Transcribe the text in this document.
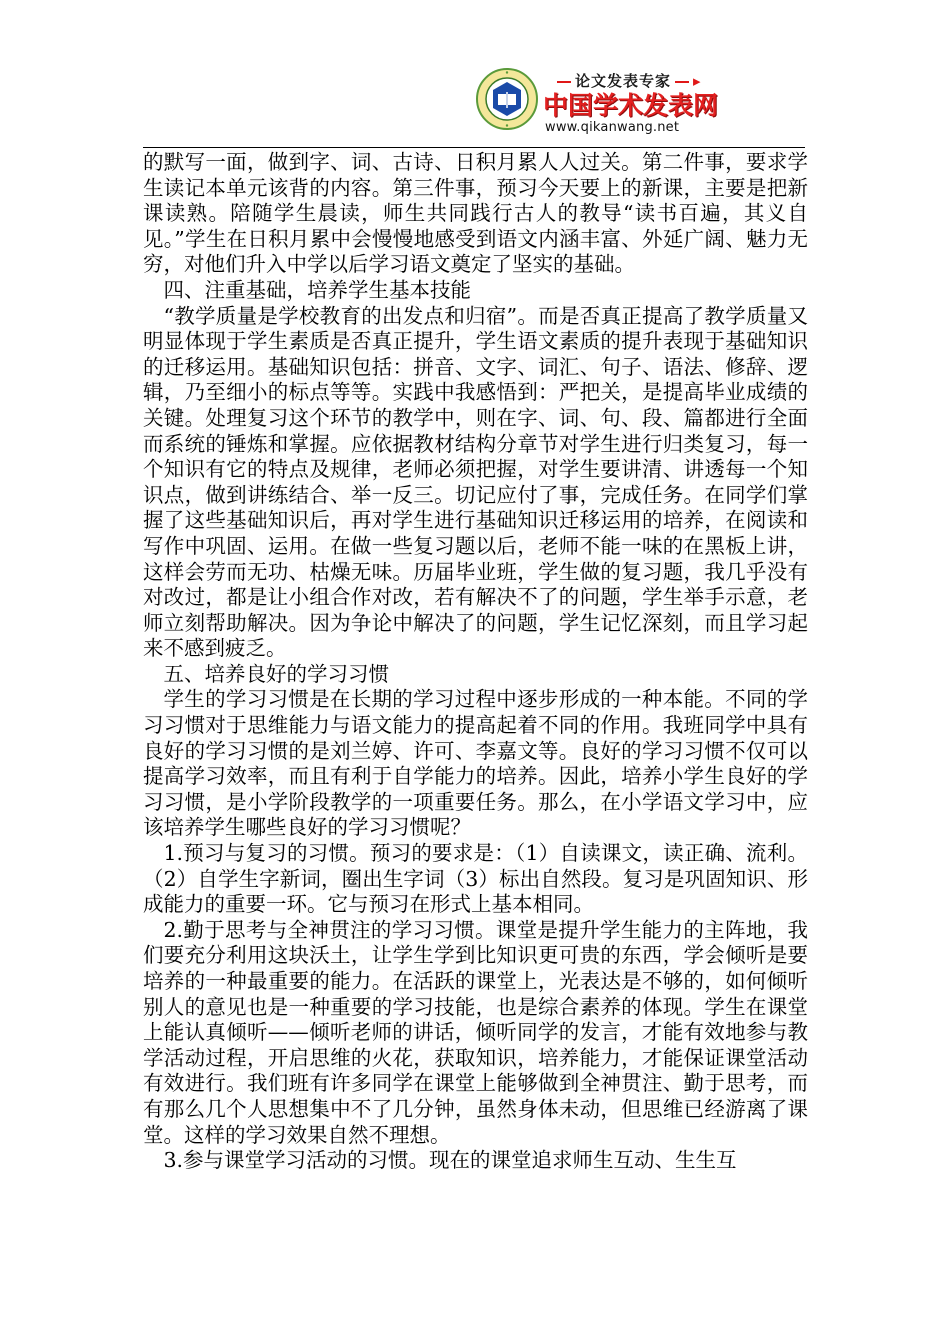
论文发表专家 ▸
中国学术发表网
www.qikanwang.net

的默写一面，做到字、词、古诗、日积月累人人过关。第二件事，要求学生读记本单元该背的内容。第三件事，预习今天要上的新课，主要是把新课读熟。陪随学生晨读，师生共同践行古人的教导“读书百遍，其义自见。”学生在日积月累中会慢慢地感受到语文内涵丰富、外延广阔、魅力无穷，对他们升入中学以后学习语文奠定了坚实的基础。

四、注重基础，培养学生基本技能

“教学质量是学校教育的出发点和归宿”。而是否真正提高了教学质量又明显体现于学生素质是否真正提升，学生语文素质的提升表现于基础知识的迁移运用。基础知识包括：拼音、文字、词汇、句子、语法、修辞、逻辑，乃至细小的标点等等。实践中我感悟到：严把关，是提高毕业成绩的关键。处理复习这个环节的教学中，则在字、词、句、段、篇都进行全面而系统的锤炼和掌握。应依据教材结构分章节对学生进行归类复习，每一个知识有它的特点及规律，老师必须把握，对学生要讲清、讲透每一个知识点，做到讲练结合、举一反三。切记应付了事，完成任务。在同学们掌握了这些基础知识后，再对学生进行基础知识迁移运用的培养，在阅读和写作中巩固、运用。在做一些复习题以后，老师不能一味的在黑板上讲，这样会劳而无功、枯燥无味。历届毕业班，学生做的复习题，我几乎没有对改过，都是让小组合作对改，若有解决不了的问题，学生举手示意，老师立刻帮助解决。因为争论中解决了的问题，学生记忆深刻，而且学习起来不感到疲乏。

五、培养良好的学习习惯

学生的学习习惯是在长期的学习过程中逐步形成的一种本能。不同的学习习惯对于思维能力与语文能力的提高起着不同的作用。我班同学中具有良好的学习习惯的是刘兰婷、许可、李嘉文等。良好的学习习惯不仅可以提高学习效率，而且有利于自学能力的培养。因此，培养小学生良好的学习习惯，是小学阶段教学的一项重要任务。那么，在小学语文学习中，应该培养学生哪些良好的学习习惯呢？

1.预习与复习的习惯。预习的要求是：（1）自读课文，读正确、流利。（2）自学生字新词，圈出生字词（3）标出自然段。复习是巩固知识、形成能力的重要一环。它与预习在形式上基本相同。

2.勤于思考与全神贯注的学习习惯。课堂是提升学生能力的主阵地，我们要充分利用这块沃土，让学生学到比知识更可贵的东西，学会倾听是要培养的一种最重要的能力。在活跃的课堂上，光表达是不够的，如何倾听别人的意见也是一种重要的学习技能，也是综合素养的体现。学生在课堂上能认真倾听——倾听老师的讲话，倾听同学的发言，才能有效地参与教学活动过程，开启思维的火花，获取知识，培养能力，才能保证课堂活动有效进行。我们班有许多同学在课堂上能够做到全神贯注、勤于思考，而有那么几个人思想集中不了几分钟，虽然身体未动，但思维已经游离了课堂。这样的学习效果自然不理想。

3.参与课堂学习活动的习惯。现在的课堂追求师生互动、生生互
